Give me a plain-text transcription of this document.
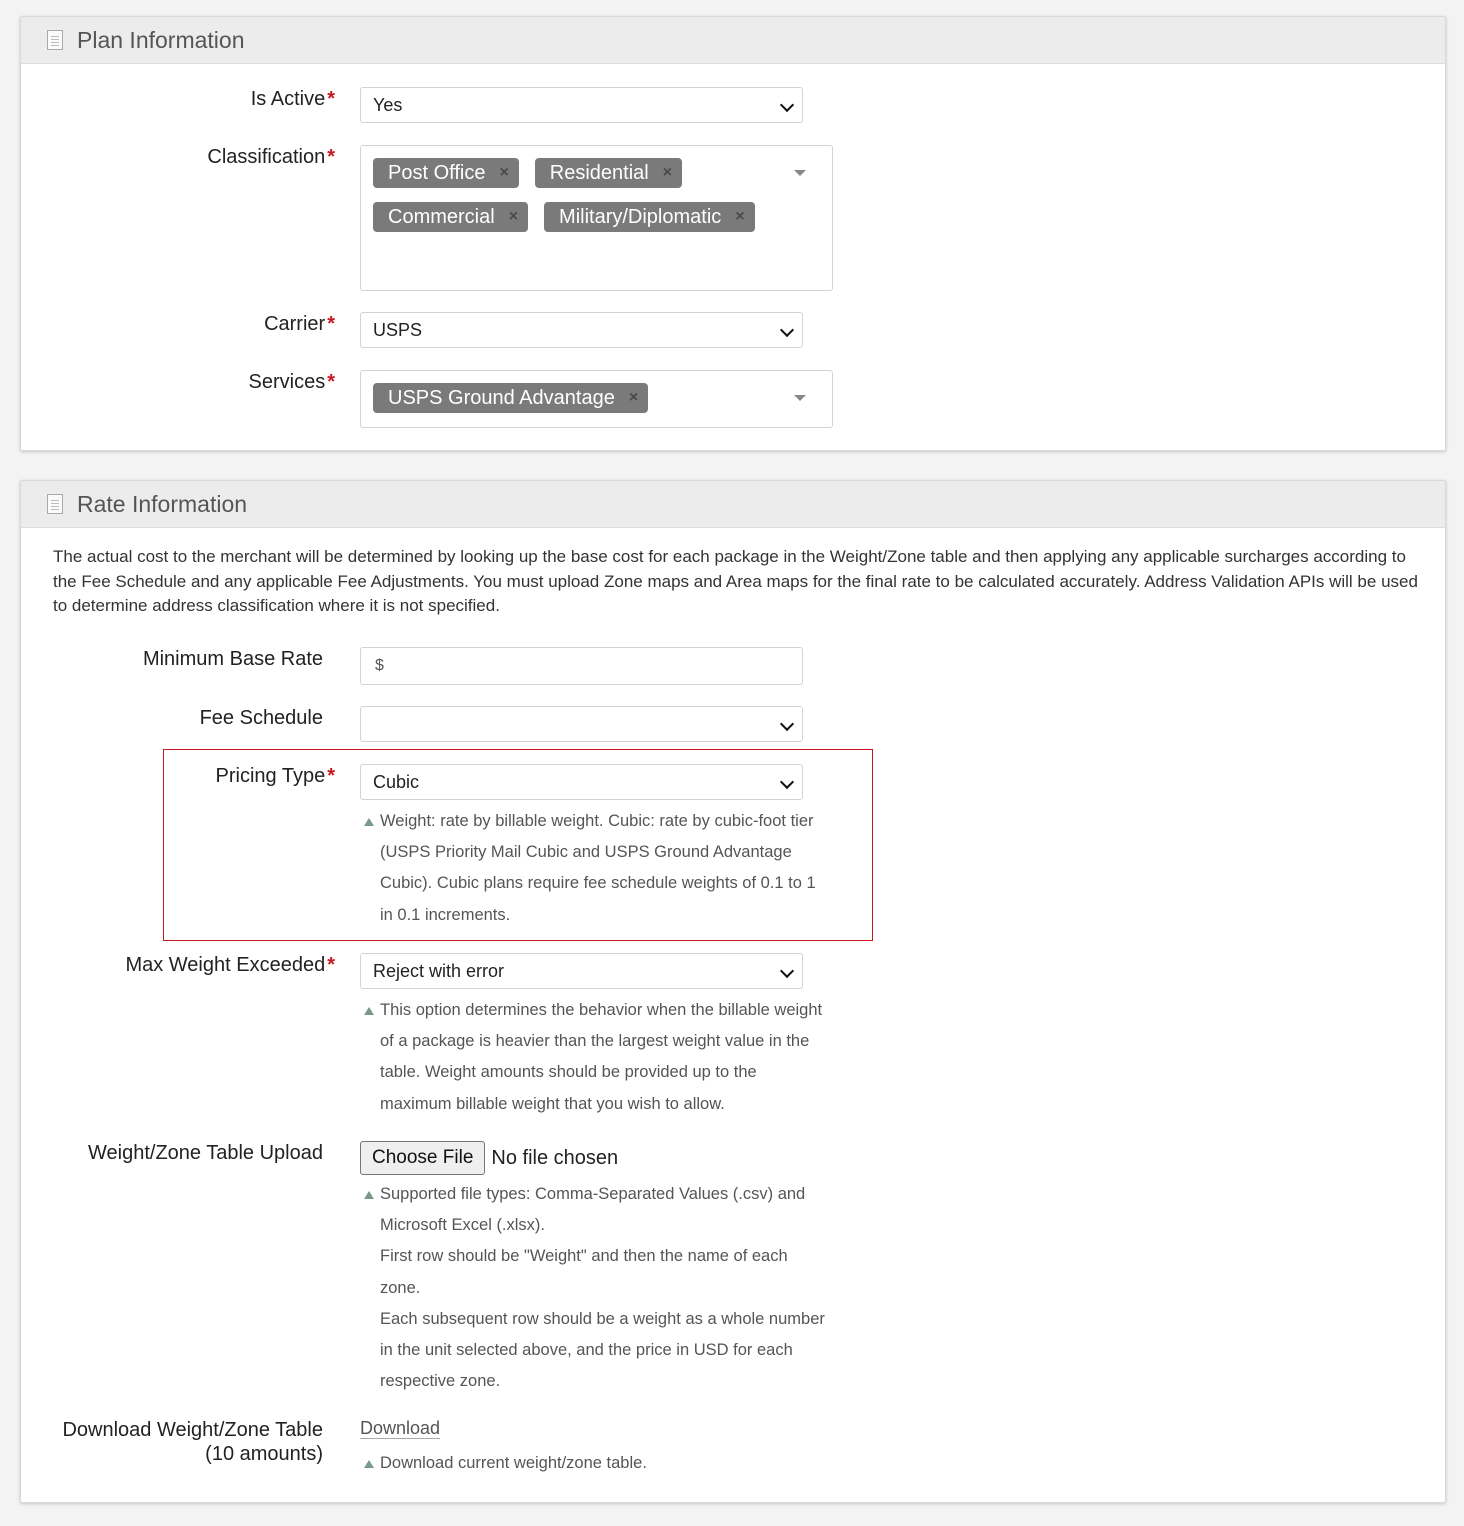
Plan Information
Is Active * Yes
Classification *
Post Office × Residential ×
Commercial × Military/Diplomatic ×
Carrier * USPS
Services *
USPS Ground Advantage ×
Rate Information
The actual cost to the merchant will be determined by looking up the base cost for each package in the Weight/Zone table and then applying any applicable surcharges according to the Fee Schedule and any applicable Fee Adjustments. You must upload Zone maps and Area maps for the final rate to be calculated accurately. Address Validation APIs will be used to determine address classification where it is not specified.
Minimum Base Rate	$
Fee Schedule
Pricing Type * Cubic
Weight: rate by billable weight. Cubic: rate by cubic-foot tier (USPS Priority Mail Cubic and USPS Ground Advantage Cubic). Cubic plans require fee schedule weights of 0.1 to 1 in 0.1 increments.
Max Weight Exceeded * Reject with error
This option determines the behavior when the billable weight of a package is heavier than the largest weight value in the table. Weight amounts should be provided up to the maximum billable weight that you wish to allow.
Weight/Zone Table Upload	Choose File No file chosen
Supported file types: Comma-Separated Values (.csv) and Microsoft Excel (.xlsx).
First row should be "Weight" and then the name of each zone.
Each subsequent row should be a weight as a whole number in the unit selected above, and the price in USD for each respective zone.
Download Weight/Zone Table
(10 amounts)
Download
Download current weight/zone table.
